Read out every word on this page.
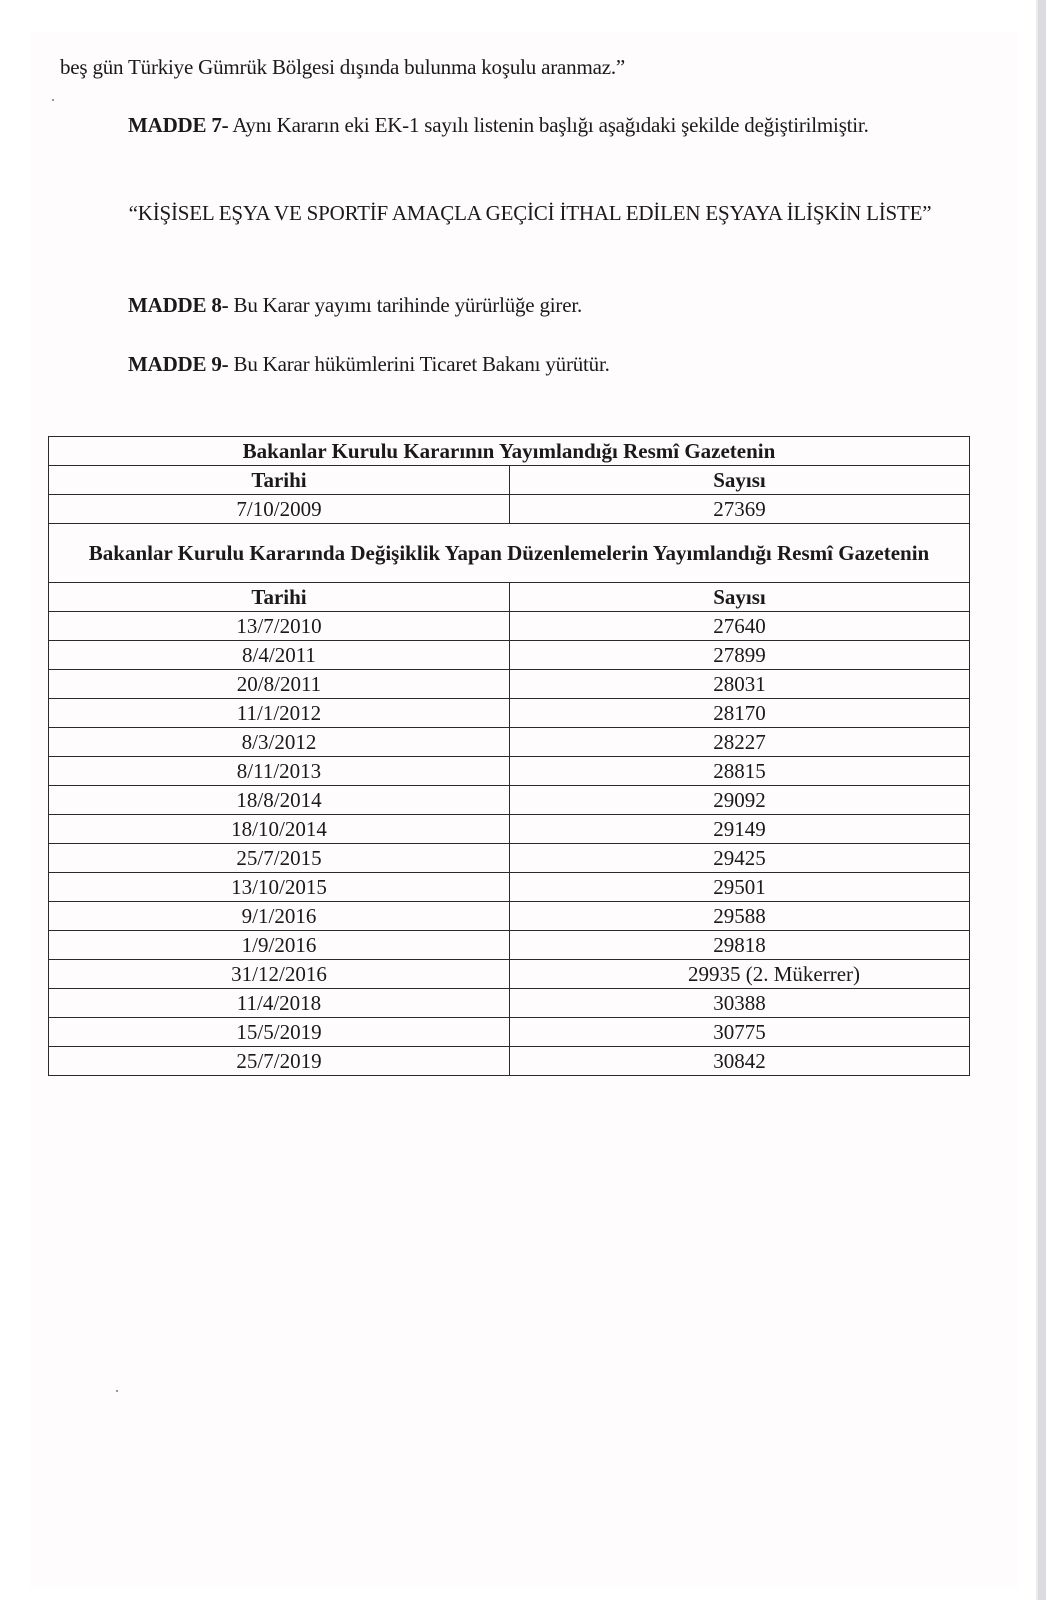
beş gün Türkiye Gümrük Bölgesi dışında bulunma koşulu aranmaz.”
MADDE 7- Aynı Kararın eki EK-1 sayılı listenin başlığı aşağıdaki şekilde değiştirilmiştir.
“KİŞİSEL EŞYA VE SPORTİF AMAÇLA GEÇİCİ İTHAL EDİLEN EŞYAYA İLİŞKİN LİSTE”
MADDE 8- Bu Karar yayımı tarihinde yürürlüğe girer.
MADDE 9- Bu Karar hükümlerini Ticaret Bakanı yürütür.
Bakanlar Kurulu Kararının Yayımlandığı Resmî Gazetenin	
Tarihi	Sayısı
7/10/2009	27369
Bakanlar Kurulu Kararında Değişiklik Yapan Düzenlemelerin Yayımlandığı Resmî Gazetenin	
Tarihi	Sayısı
13/7/2010	27640
8/4/2011	27899
20/8/2011	28031
11/1/2012	28170
8/3/2012	28227
8/11/2013	28815
18/8/2014	29092
18/10/2014	29149
25/7/2015	29425
13/10/2015	29501
9/1/2016	29588
1/9/2016	29818
31/12/2016	29935 (2. Mükerrer)
11/4/2018	30388
15/5/2019	30775
25/7/2019	30842
